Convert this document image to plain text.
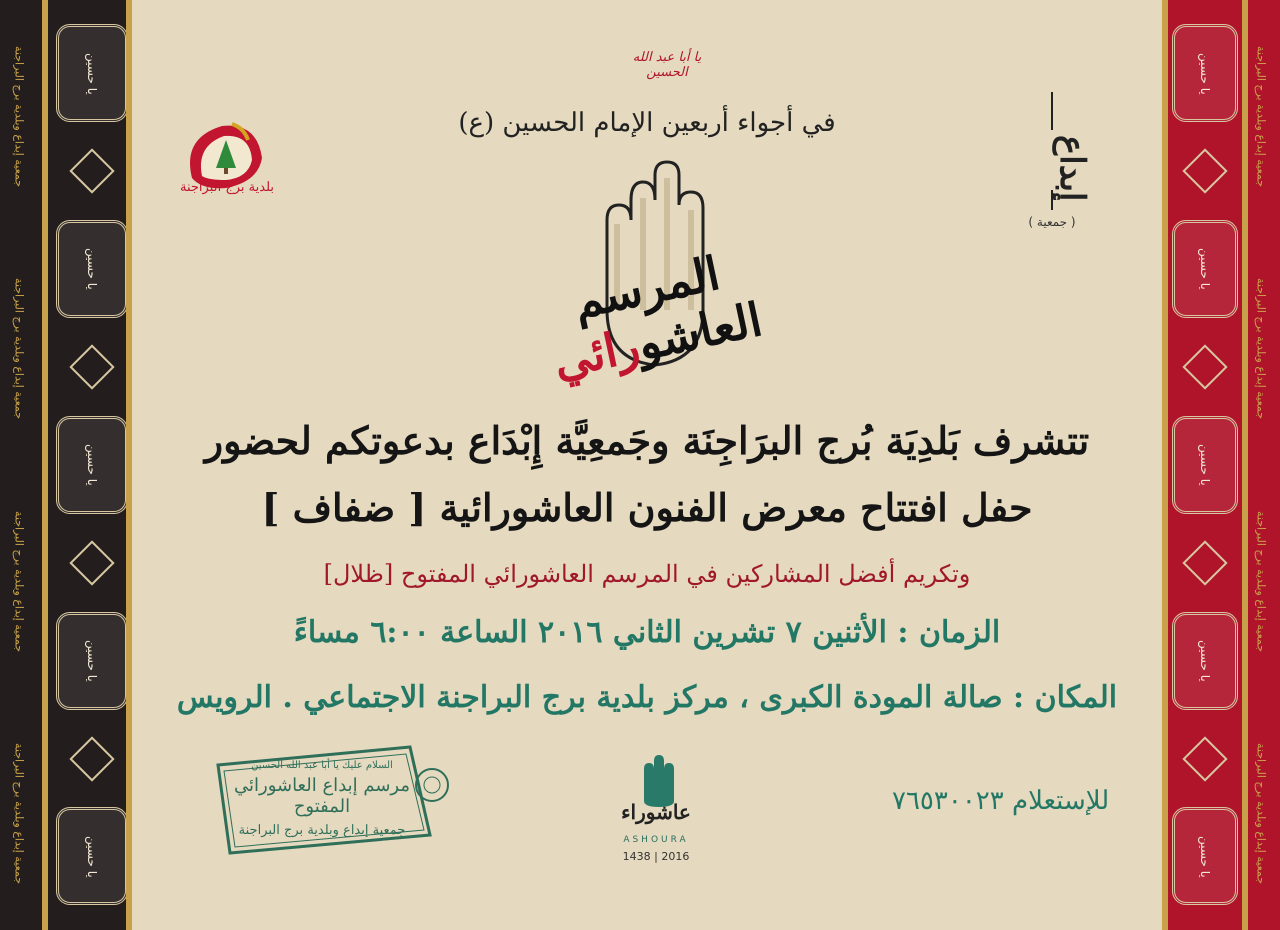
جمعية إبداع وبلدية برج البراجنة
جمعية إبداع وبلدية برج البراجنة
جمعية إبداع وبلدية برج البراجنة
جمعية إبداع وبلدية برج البراجنة
يا حسين
يا حسين
يا حسين
يا حسين
يا حسين
يا حسين
يا حسين
يا حسين
يا حسين
يا حسين
جمعية إبداع وبلدية برج البراجنة
جمعية إبداع وبلدية برج البراجنة
جمعية إبداع وبلدية برج البراجنة
جمعية إبداع وبلدية برج البراجنة
يا أبا عبد الله الحسين
في أجواء أربعين الإمام الحسين (ع)
بلدية برج البراجنة	إبداع
( جمعية )
المرسم العاشورائي
تتشرف بَلدِيَة بُرج البرَاجِنَة وجَمعِيَّة إِبْدَاع بدعوتكم لحضور
حفل افتتاح معرض الفنون العاشورائية [ ضفاف ]
وتكريم أفضل المشاركين في المرسم العاشورائي المفتوح [ظلال]
الزمان : الأثنين ٧ تشرين الثاني ٢٠١٦ الساعة ٦:٠٠ مساءً
المكان : صالة المودة الكبرى ، مركز بلدية برج البراجنة الاجتماعي . الرويس
السلام عليك يا أبا عبد الله الحسين
مرسم إبداع العاشورائي المفتوح
جمعية إبداع وبلدية برج البراجنة
عاشوراء
ASHOURA
1438 | 2016
للإستعلام ٧٦٥٣٠٠٢٣
